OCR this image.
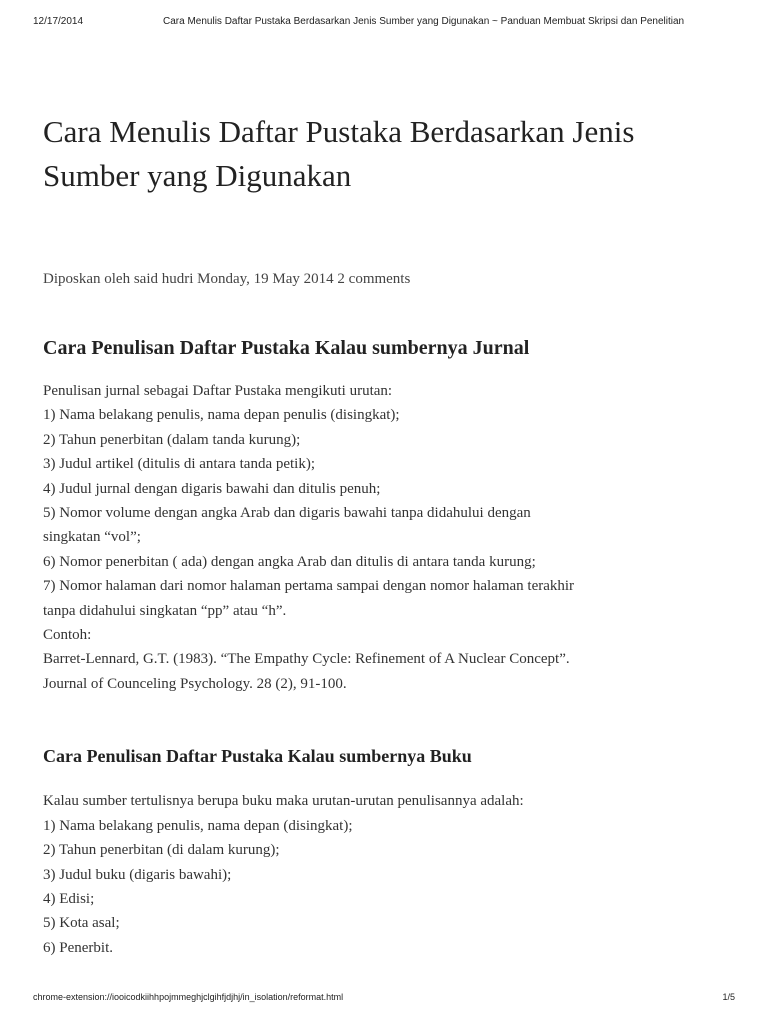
12/17/2014	Cara Menulis Daftar Pustaka Berdasarkan Jenis Sumber yang Digunakan ~ Panduan Membuat Skripsi dan Penelitian
Cara Menulis Daftar Pustaka Berdasarkan Jenis
Sumber yang Digunakan

Diposkan oleh said hudri Monday, 19 May 2014 2 comments

Cara Penulisan Daftar Pustaka Kalau sumbernya Jurnal
Penulisan jurnal sebagai Daftar Pustaka mengikuti urutan:
1) Nama belakang penulis, nama depan penulis (disingkat);
2) Tahun penerbitan (dalam tanda kurung);
3) Judul artikel (ditulis di antara tanda petik);
4) Judul jurnal dengan digaris bawahi dan ditulis penuh;
5) Nomor volume dengan angka Arab dan digaris bawahi tanpa didahului dengan
singkatan “vol”;
6) Nomor penerbitan ( ada) dengan angka Arab dan ditulis di antara tanda kurung;
7) Nomor halaman dari nomor halaman pertama sampai dengan nomor halaman terakhir
tanpa didahului singkatan “pp” atau “h”.
Contoh:
Barret-Lennard, G.T. (1983). “The Empathy Cycle: Refinement of A Nuclear Concept”.
Journal of Counceling Psychology. 28 (2), 91-100.
Cara Penulisan Daftar Pustaka Kalau sumbernya Buku
Kalau sumber tertulisnya berupa buku maka urutan-urutan penulisannya adalah:
1) Nama belakang penulis, nama depan (disingkat);
2) Tahun penerbitan (di dalam kurung);
3) Judul buku (digaris bawahi);
4) Edisi;
5) Kota asal;
6) Penerbit.
chrome-extension://iooicodkiihhpojmmeghjclgihfjdjhj/in_isolation/reformat.html	1/5
